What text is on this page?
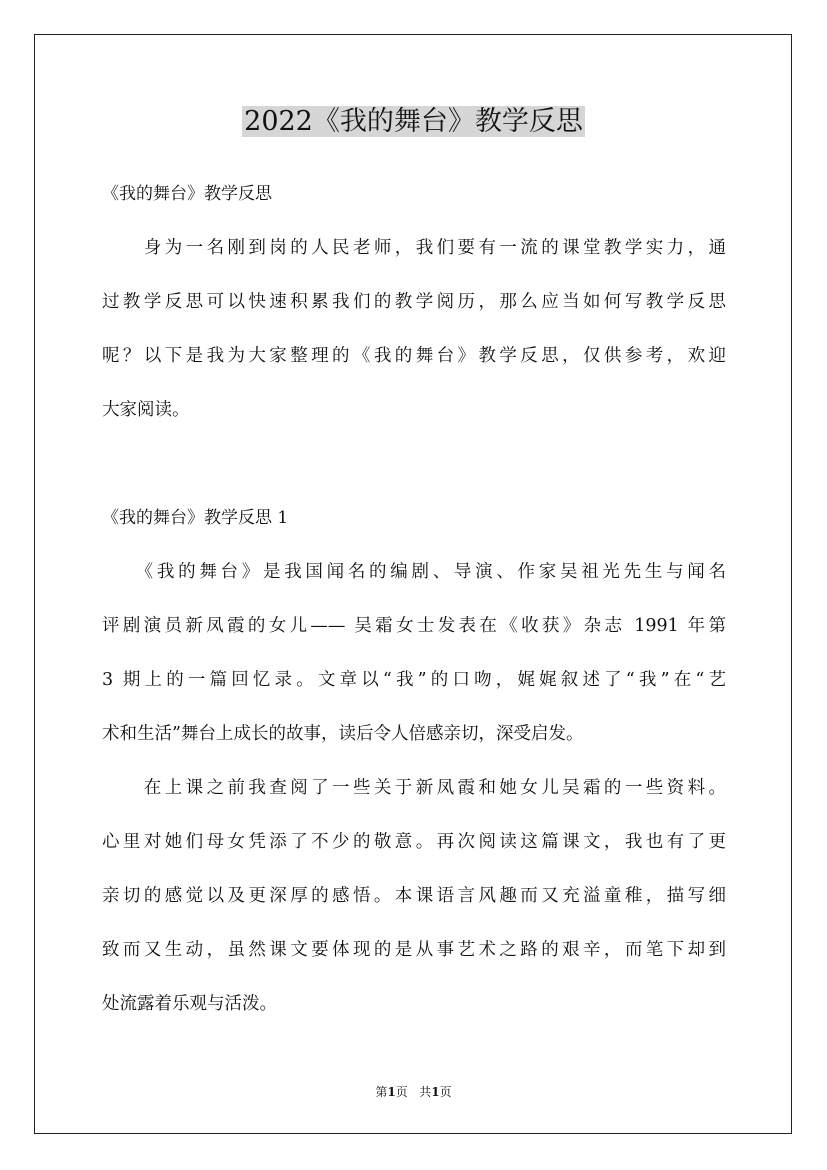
2022《我的舞台》教学反思
《我的舞台》教学反思
　　身为一名刚到岗的人民老师，我们要有一流的课堂教学实力，通
过教学反思可以快速积累我们的教学阅历，那么应当如何写教学反思
呢？以下是我为大家整理的《我的舞台》教学反思，仅供参考，欢迎
大家阅读。
《我的舞台》教学反思 1
　　《我的舞台》是我国闻名的编剧、导演、作家吴祖光先生与闻名
评剧演员新凤霞的女儿—— 吴霜女士发表在《收获》杂志 1991 年第
3 期上的一篇回忆录。文章以“我”的口吻，娓娓叙述了“我”在“艺
术和生活”舞台上成长的故事，读后令人倍感亲切，深受启发。
　　在上课之前我查阅了一些关于新凤霞和她女儿吴霜的一些资料。
心里对她们母女凭添了不少的敬意。再次阅读这篇课文，我也有了更
亲切的感觉以及更深厚的感悟。本课语言风趣而又充溢童稚，描写细
致而又生动，虽然课文要体现的是从事艺术之路的艰辛，而笔下却到
处流露着乐观与活泼。
第1页 共1页
